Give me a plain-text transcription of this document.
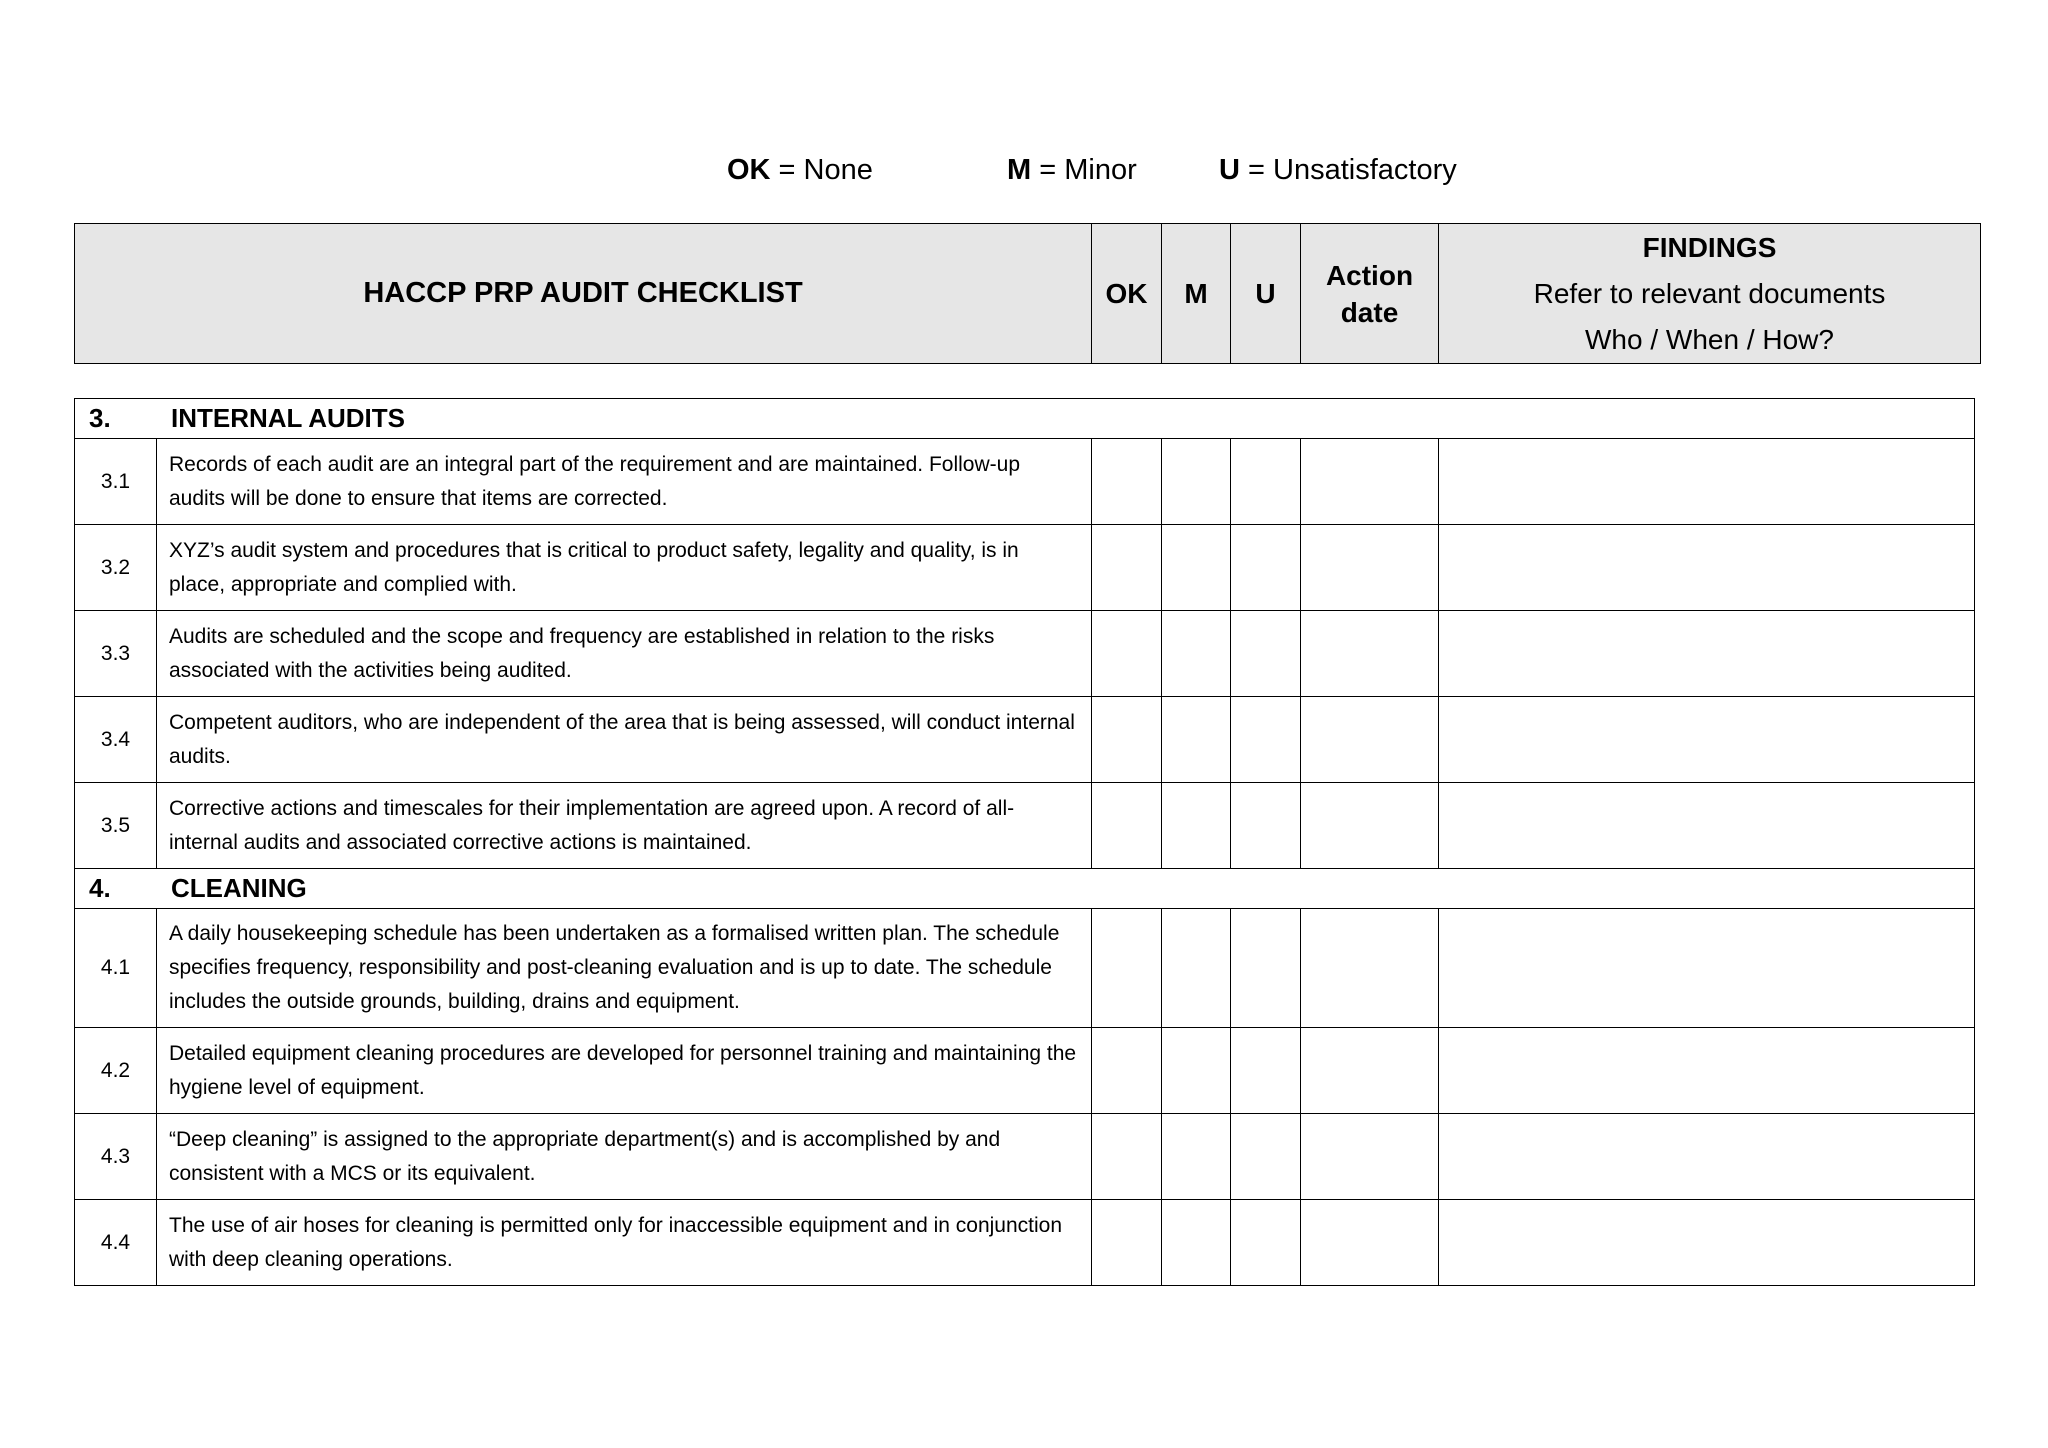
OK = None	M = Minor	U = Unsatisfactory
HACCP PRP AUDIT CHECKLIST	OK	M	U	Action
date	
FINDINGS
Refer to relevant documents
Who / When / How?
3. INTERNAL AUDITS						
3.1	Records of each audit are an integral part of the requirement and are maintained. Follow-up audits will be done to ensure that items are corrected.					
3.2	XYZ’s audit system and procedures that is critical to product safety, legality and quality, is in place, appropriate and complied with.					
3.3	Audits are scheduled and the scope and frequency are established in relation to the risks associated with the activities being audited.					
3.4	Competent auditors, who are independent of the area that is being assessed, will conduct internal audits.					
3.5	Corrective actions and timescales for their implementation are agreed upon. A record of all-internal audits and associated corrective actions is maintained.					
4. CLEANING						
4.1	A daily housekeeping schedule has been undertaken as a formalised written plan. The schedule specifies frequency, responsibility and post-cleaning evaluation and is up to date. The schedule includes the outside grounds, building, drains and equipment.					
4.2	Detailed equipment cleaning procedures are developed for personnel training and maintaining the hygiene level of equipment.					
4.3	“Deep cleaning” is assigned to the appropriate department(s) and is accomplished by and consistent with a MCS or its equivalent.					
4.4	The use of air hoses for cleaning is permitted only for inaccessible equipment and in conjunction with deep cleaning operations.					
